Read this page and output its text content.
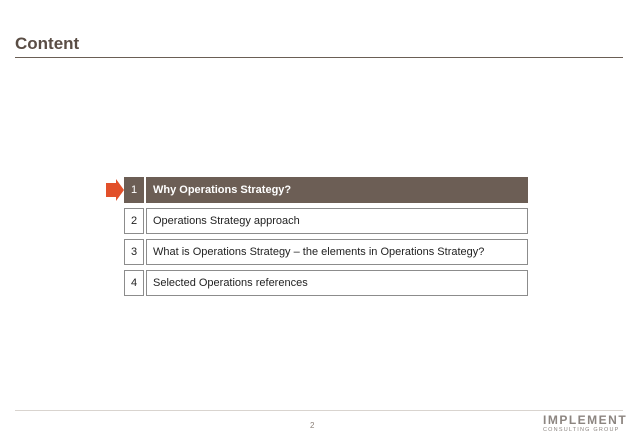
Content
1	Why Operations Strategy?
2	Operations Strategy approach
3	What is Operations Strategy – the elements in Operations Strategy?
4	Selected Operations references
2	IMPLEMENT
CONSULTING GROUP
